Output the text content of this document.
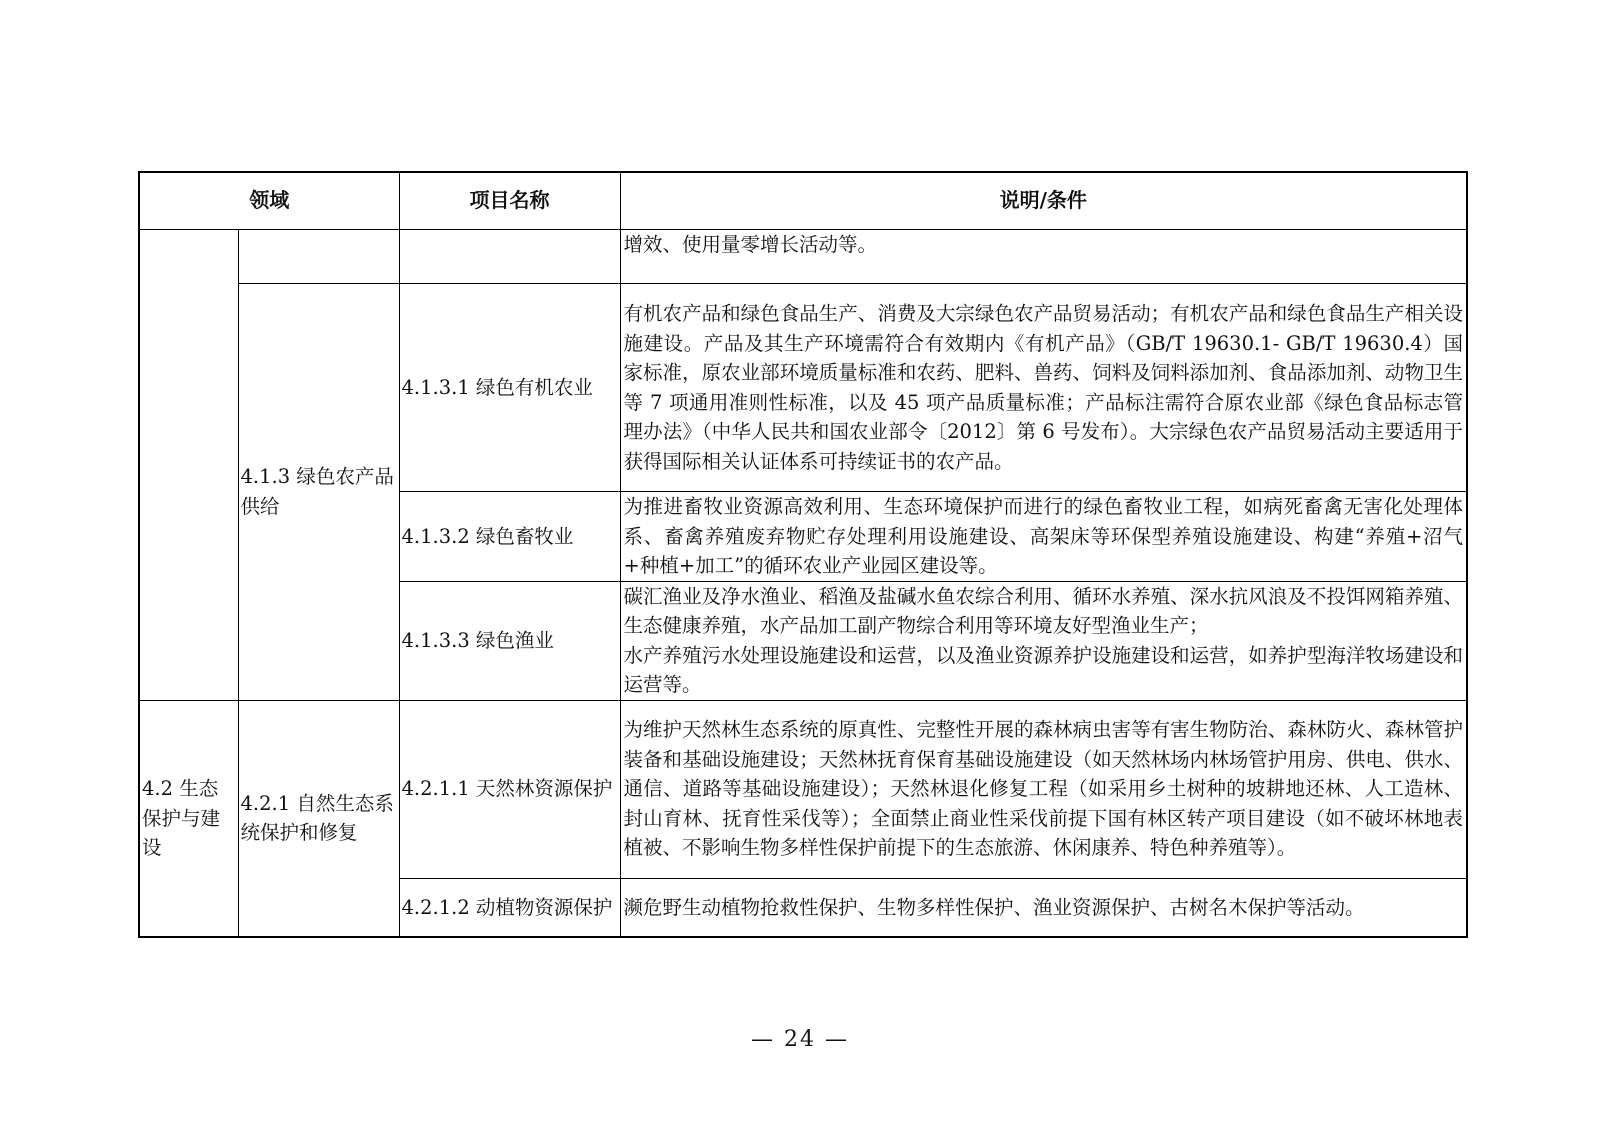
领域		项目名称	说明/条件
			增效、使用量零增长活动等。
	4.1.3 绿色农产品供给	4.1.3.1 绿色有机农业	有机农产品和绿色食品生产、消费及大宗绿色农产品贸易活动；有机农产品和绿色食品生产相关设施建设。产品及其生产环境需符合有效期内《有机产品》（GB/T 19630.1- GB/T 19630.4）国家标准，原农业部环境质量标准和农药、肥料、兽药、饲料及饲料添加剂、食品添加剂、动物卫生等 7 项通用准则性标准，以及 45 项产品质量标准；产品标注需符合原农业部《绿色食品标志管理办法》（中华人民共和国农业部令〔2012〕第 6 号发布）。大宗绿色农产品贸易活动主要适用于获得国际相关认证体系可持续证书的农产品。
		4.1.3.2 绿色畜牧业	为推进畜牧业资源高效利用、生态环境保护而进行的绿色畜牧业工程，如病死畜禽无害化处理体系、畜禽养殖废弃物贮存处理利用设施建设、高架床等环保型养殖设施建设、构建“养殖+沼气+种植+加工”的循环农业产业园区建设等。
		4.1.3.3 绿色渔业	碳汇渔业及净水渔业、稻渔及盐碱水鱼农综合利用、循环水养殖、深水抗风浪及不投饵网箱养殖、生态健康养殖，水产品加工副产物综合利用等环境友好型渔业生产；
水产养殖污水处理设施建设和运营，以及渔业资源养护设施建设和运营，如养护型海洋牧场建设和运营等。
4.2 生态保护与建设	4.2.1 自然生态系统保护和修复	4.2.1.1 天然林资源保护	为维护天然林生态系统的原真性、完整性开展的森林病虫害等有害生物防治、森林防火、森林管护装备和基础设施建设；天然林抚育保育基础设施建设（如天然林场内林场管护用房、供电、供水、通信、道路等基础设施建设）；天然林退化修复工程（如采用乡土树种的坡耕地还林、人工造林、封山育林、抚育性采伐等）；全面禁止商业性采伐前提下国有林区转产项目建设（如不破坏林地表植被、不影响生物多样性保护前提下的生态旅游、休闲康养、特色种养殖等）。
		4.2.1.2 动植物资源保护	濒危野生动植物抢救性保护、生物多样性保护、渔业资源保护、古树名木保护等活动。
— 24 —
